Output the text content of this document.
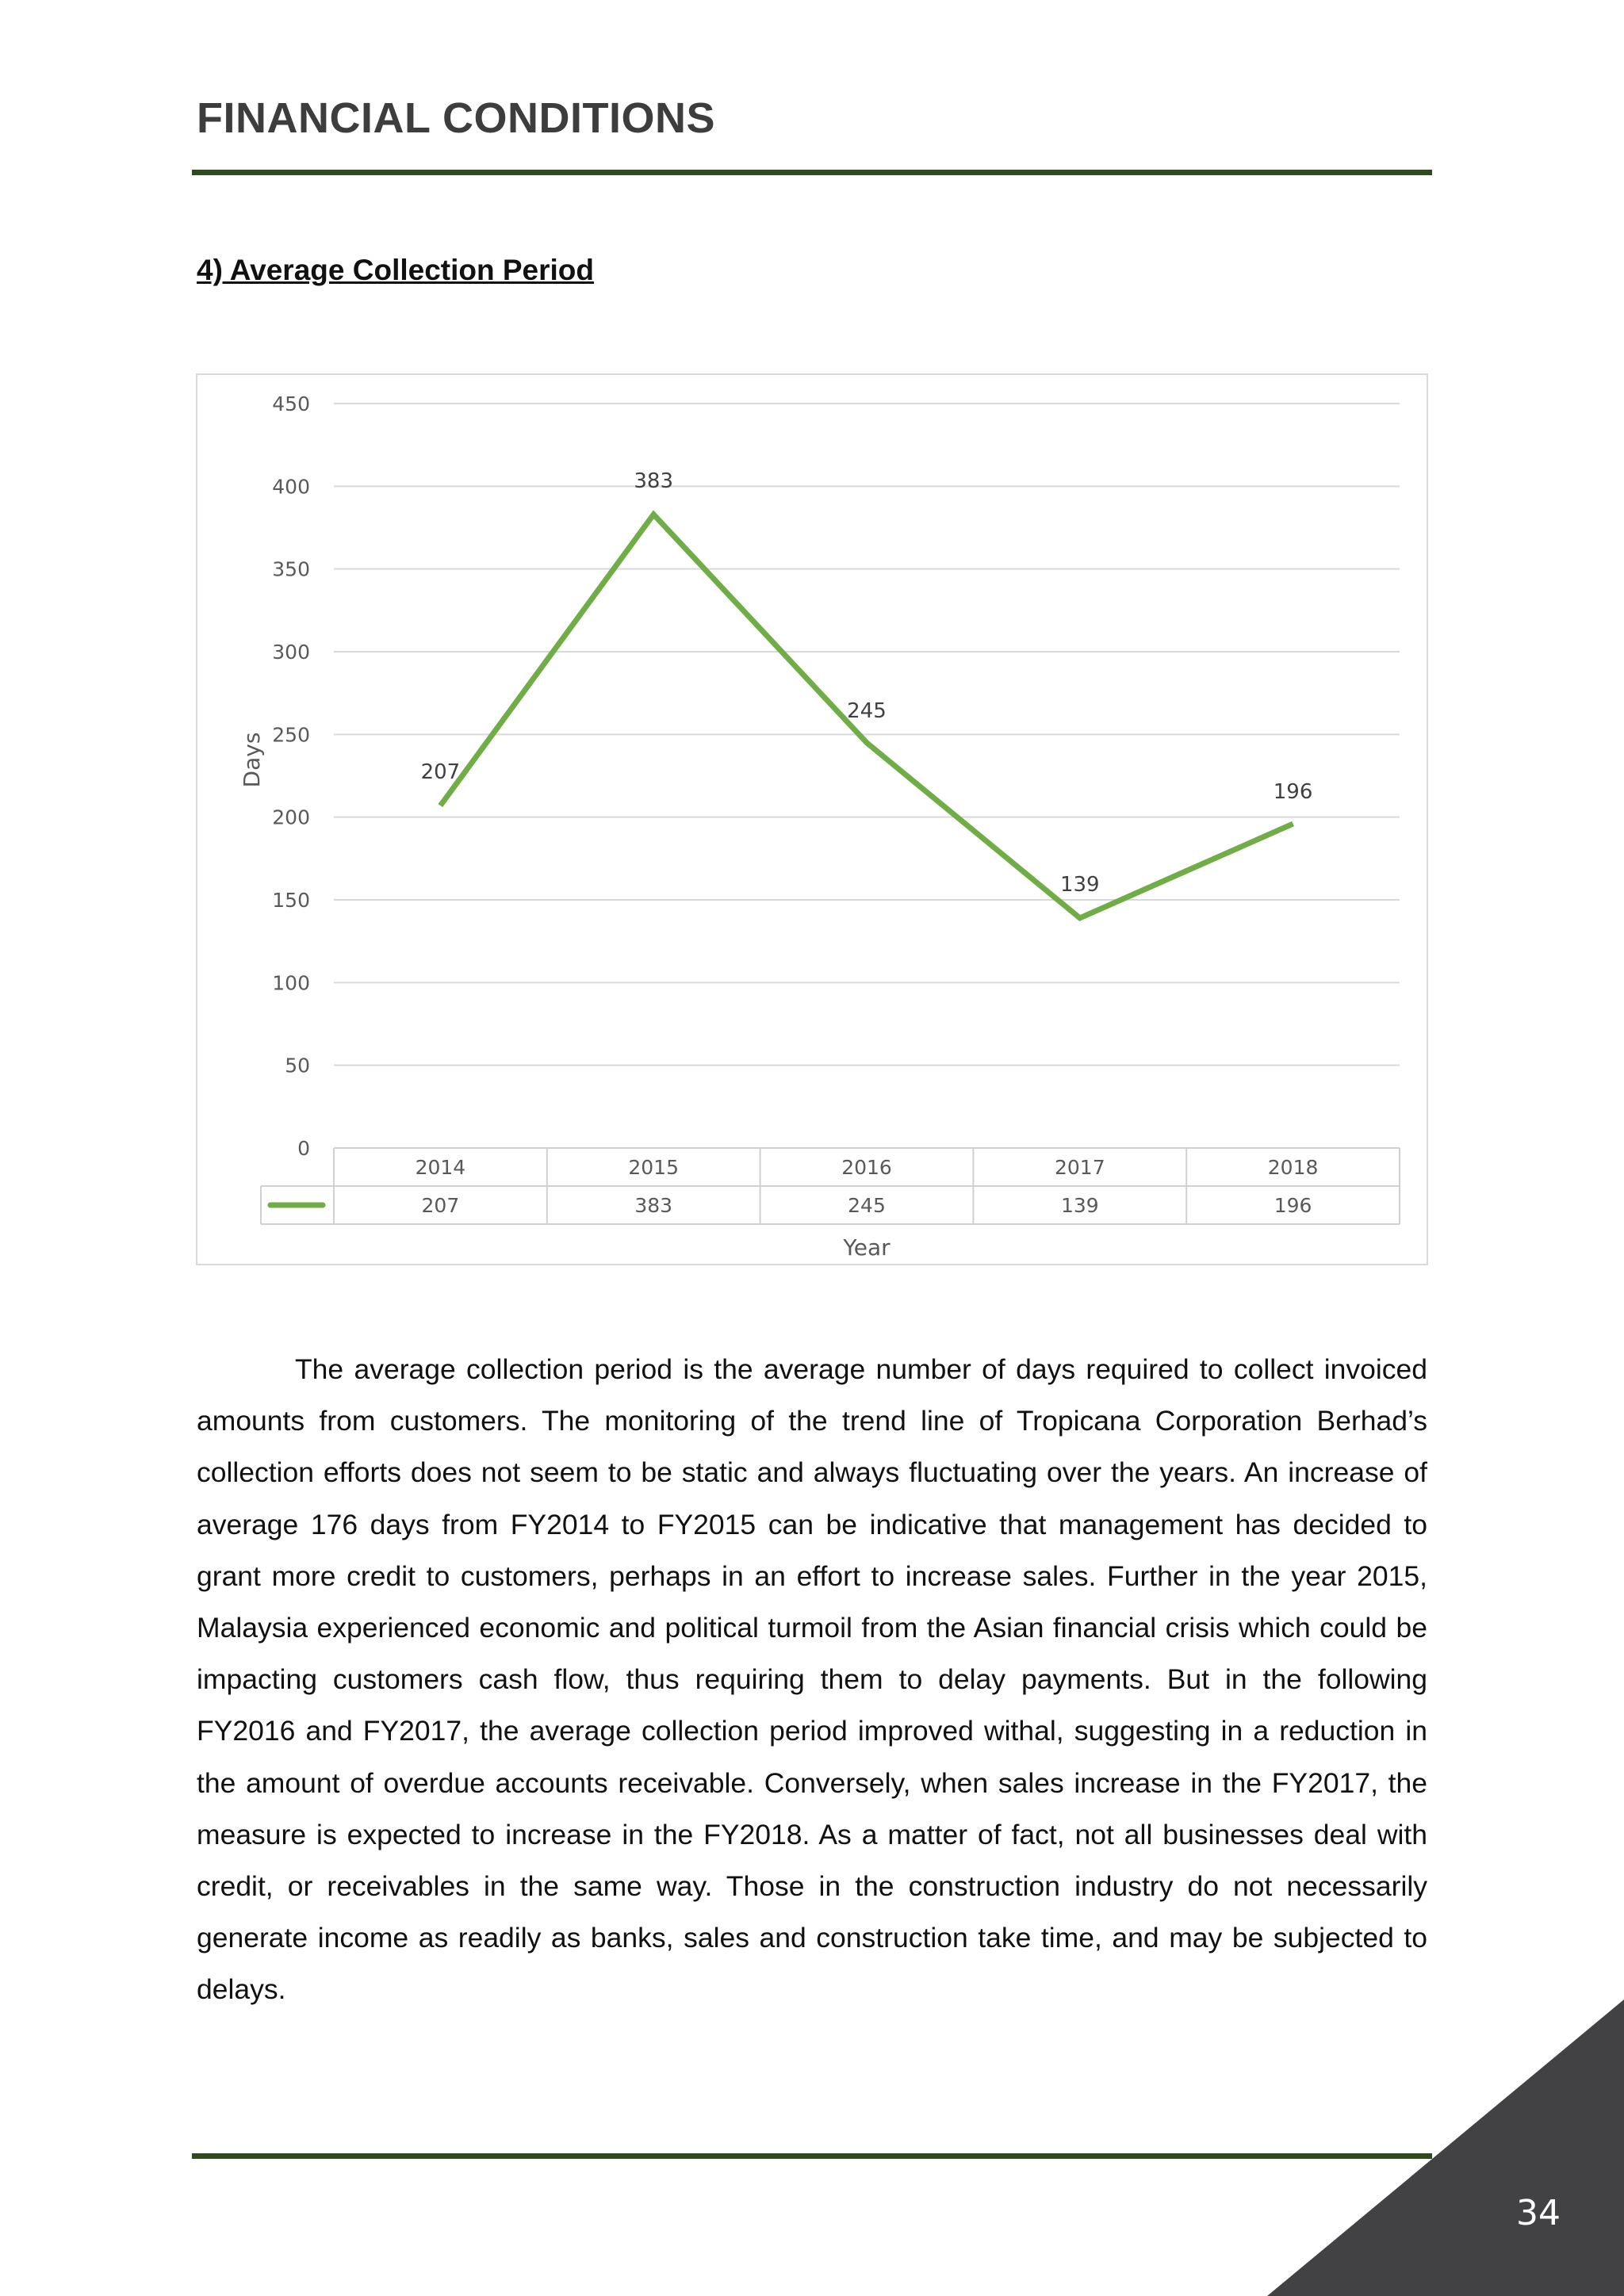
FINANCIAL CONDITIONS
4) Average Collection Period
0
50
100
150
200
250
300
350
400
450
2014	2015	2016	2017	2018
207	383	245	139	196
207
383
245
139
196
Year
Days

The average collection period is the average number of days required to collect invoiced amounts from customers. The monitoring of the trend line of Tropicana Corporation Berhad’s collection efforts does not seem to be static and always fluctuating over the years. An increase of average 176 days from FY2014 to FY2015 can be indicative that management has decided to grant more credit to customers, perhaps in an effort to increase sales. Further in the year 2015, Malaysia experienced economic and political turmoil from the Asian financial crisis which could be impacting customers cash flow, thus requiring them to delay payments. But in the following FY2016 and FY2017, the average collection period improved withal, suggesting in a reduction in the amount of overdue accounts receivable. Conversely, when sales increase in the FY2017, the measure is expected to increase in the FY2018. As a matter of fact, not all businesses deal with credit, or receivables in the same way. Those in the construction industry do not necessarily generate income as readily as banks, sales and construction take time, and may be subjected to delays.

34
